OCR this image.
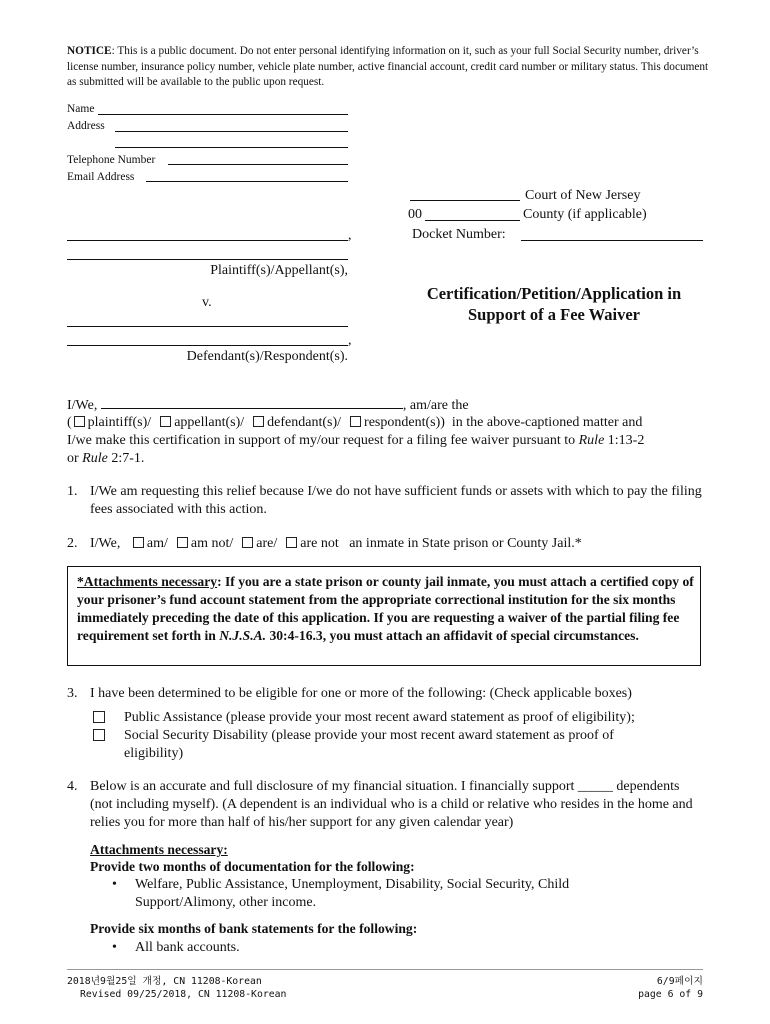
NOTICE: This is a public document. Do not enter personal identifying information on it, such as your full Social Security number, driver’s license number, insurance policy number, vehicle plate number, active financial account, credit card number or military status. This document as submitted will be available to the public upon request.
Name
Address
Telephone Number
Email Address
Court of New Jersey
00	County (if applicable)
Docket Number:
,
Plaintiff(s)/Appellant(s),
v.
,
Defendant(s)/Respondent(s).
Certification/Petition/Application in
Support of a Fee Waiver
I/We,	, am/are the
( plaintiff(s)/ appellant(s)/ defendant(s)/ respondent(s)) in the above-captioned matter and
I/we make this certification in support of my/our request for a filing fee waiver pursuant to Rule 1:13-2
or Rule 2:7-1.
1. I/We am requesting this relief because I/we do not have sufficient funds or assets with which to pay the filing fees associated with this action.
2. I/We, am/ am not/ are/ are not an inmate in State prison or County Jail.*
*Attachments necessary: If you are a state prison or county jail inmate, you must attach a certified copy of your prisoner’s fund account statement from the appropriate correctional institution for the six months immediately preceding the date of this application. If you are requesting a waiver of the partial filing fee requirement set forth in N.J.S.A. 30:4-16.3, you must attach an affidavit of special circumstances.
3. I have been determined to be eligible for one or more of the following: (Check applicable boxes)
Public Assistance (please provide your most recent award statement as proof of eligibility);
Social Security Disability (please provide your most recent award statement as proof of eligibility)
4. Below is an accurate and full disclosure of my financial situation. I financially support _____ dependents (not including myself). (A dependent is an individual who is a child or relative who resides in the home and relies you for more than half of his/her support for any given calendar year)
Attachments necessary:
Provide two months of documentation for the following:
• Welfare, Public Assistance, Unemployment, Disability, Social Security, Child Support/Alimony, other income.
Provide six months of bank statements for the following:
• All bank accounts.
2018년9월25일 개정, CN 11208-Korean
Revised 09/25/2018, CN 11208-Korean
6/9페이지
page 6 of 9
